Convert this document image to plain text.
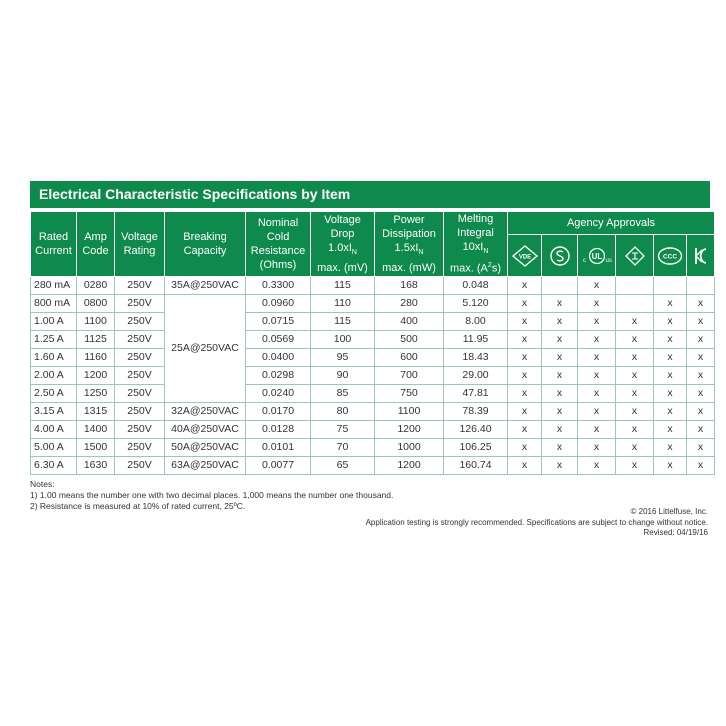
Electrical Characteristic Specifications by Item
Rated Current	Amp Code	Voltage Rating	Breaking Capacity	Nominal Cold Resistance (Ohms)	Voltage
Drop
$1.0xI_N$
max. (mV)	Power
Dissipation
$1.5xI_N$
max. (mW)	Melting
Integral
$10xI_N$
max. $(A^2s)$	Agency Approvals					

VDE		c UL us		CCC

280 mA	0280	250V	35A@250VAC	0.3300	115	168	0.048	x		x			
800 mA	0800	250V	25A@250VAC	0.0960	110	280	5.120	x	x	x		x	x
1.00 A	1100	250V		0.0715	115	400	8.00	x	x	x	x	x	x
1.25 A	1125	250V		0.0569	100	500	11.95	x	x	x	x	x	x
1.60 A	1160	250V		0.0400	95	600	18.43	x	x	x	x	x	x
2.00 A	1200	250V		0.0298	90	700	29.00	x	x	x	x	x	x
2.50 A	1250	250V		0.0240	85	750	47.81	x	x	x	x	x	x
3.15 A	1315	250V	32A@250VAC	0.0170	80	1100	78.39	x	x	x	x	x	x
4.00 A	1400	250V	40A@250VAC	0.0128	75	1200	126.40	x	x	x	x	x	x
5.00 A	1500	250V	50A@250VAC	0.0101	70	1000	106.25	x	x	x	x	x	x
6.30 A	1630	250V	63A@250VAC	0.0077	65	1200	160.74	x	x	x	x	x	x
Notes:
1) 1.00 means the number one with two decimal places. 1,000 means the number one thousand.
2) Resistance is measured at 10% of rated current, 25ºC.
© 2016 Littelfuse, Inc.
Application testing is strongly recommended. Specifications are subject to change without notice.
Revised: 04/19/16
